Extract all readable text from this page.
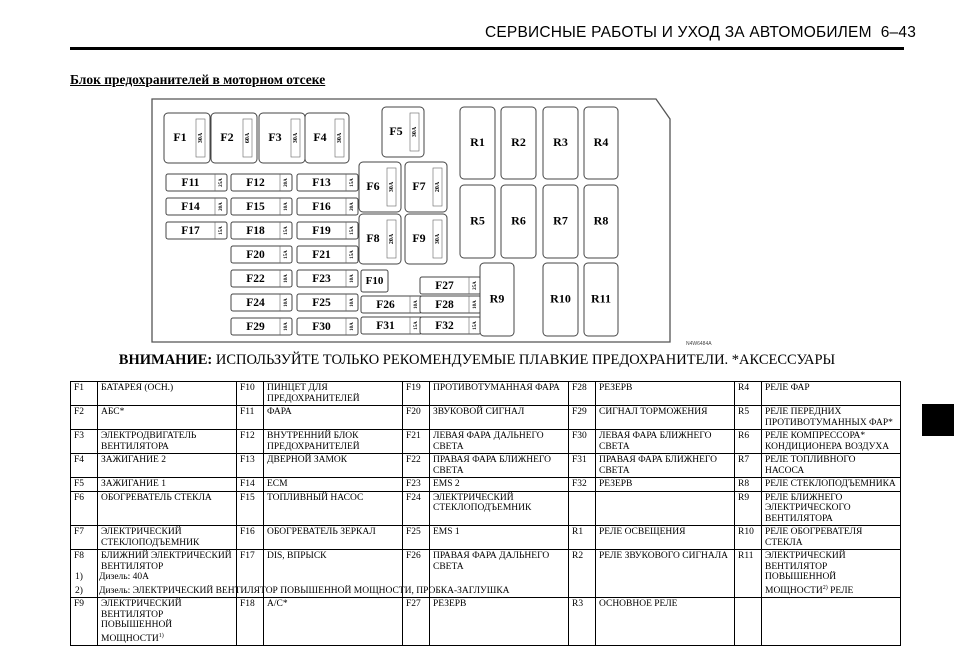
СЕРВИСНЫЕ РАБОТЫ И УХОД ЗА АВТОМОБИЛЕМ 6–43
Блок предохранителей в моторном отсеке
F1 30A F2 60A F3 30A F4 30A
F5 30A
F6 30A F7 20A
F8 20A F9 30A
F11	25A F12	20A F13	15A
F14	20A F15	10A F16	20A
F17	15A F18	15A F19	15A
F20	15A F21	15A
F22	10A F23	10A
F24	10A F25	10A F26	10A
F27	25A
F28	10A
F29	10A F30	10A F31	15A F32	15A
F10
R1 R2 R3 R4
R5 R6 R7 R8
R9	R10 R11
N4W6484A
ВНИМАНИЕ: ИСПОЛЬЗУЙТЕ ТОЛЬКО РЕКОМЕНДУЕМЫЕ ПЛАВКИЕ ПРЕДОХРАНИТЕЛИ. *АКСЕССУАРЫ
F1	БАТАРЕЯ (ОСН.)	F10	ПИНЦЕТ ДЛЯ ПРЕДОХРАНИТЕЛЕЙ	F19	ПРОТИВОТУМАННАЯ ФАРА	F28	РЕЗЕРВ	R4	РЕЛЕ ФАР
F2	АБС*	F11	ФАРА	F20	ЗВУКОВОЙ СИГНАЛ	F29	СИГНАЛ ТОРМОЖЕНИЯ	R5	РЕЛЕ ПЕРЕДНИХ ПРОТИВОТУМАННЫХ ФАР*
F3	ЭЛЕКТРОДВИГАТЕЛЬ ВЕНТИЛЯТОРА	F12	ВНУТРЕННИЙ БЛОК ПРЕДОХРАНИТЕЛЕЙ	F21	ЛЕВАЯ ФАРА ДАЛЬНЕГО СВЕТА	F30	ЛЕВАЯ ФАРА БЛИЖНЕГО СВЕТА	R6	РЕЛЕ КОМПРЕССОРА* КОНДИЦИОНЕРА ВОЗДУХА
F4	ЗАЖИГАНИЕ 2	F13	ДВЕРНОЙ ЗАМОК	F22	ПРАВАЯ ФАРА БЛИЖНЕГО СВЕТА	F31	ПРАВАЯ ФАРА БЛИЖНЕГО СВЕТА	R7	РЕЛЕ ТОПЛИВНОГО НАСОСА
F5	ЗАЖИГАНИЕ 1	F14	ECM	F23	EMS 2	F32	РЕЗЕРВ	R8	РЕЛЕ СТЕКЛОПОДЪЕМНИКА
F6	ОБОГРЕВАТЕЛЬ СТЕКЛА	F15	ТОПЛИВНЫЙ НАСОС	F24	ЭЛЕКТРИЧЕСКИЙ СТЕКЛОПОДЪЕМНИК			R9	РЕЛЕ БЛИЖНЕГО ЭЛЕКТРИЧЕСКОГО ВЕНТИЛЯТОРА
F7	ЭЛЕКТРИЧЕСКИЙ СТЕКЛОПОДЪЕМНИК	F16	ОБОГРЕВАТЕЛЬ ЗЕРКАЛ	F25	EMS 1	R1	РЕЛЕ ОСВЕЩЕНИЯ	R10	РЕЛЕ ОБОГРЕВАТЕЛЯ СТЕКЛА
F8	БЛИЖНИЙ ЭЛЕКТРИЧЕСКИЙ ВЕНТИЛЯТОР	F17	DIS, ВПРЫСК	F26	ПРАВАЯ ФАРА ДАЛЬНЕГО СВЕТА	R2	РЕЛЕ ЗВУКОВОГО СИГНАЛА	R11	ЭЛЕКТРИЧЕСКИЙ ВЕНТИЛЯТОР ПОВЫШЕННОЙ МОЩНОСТИ$^{2)}$ РЕЛЕ
F9	ЭЛЕКТРИЧЕСКИЙ ВЕНТИЛЯТОР ПОВЫШЕННОЙ МОЩНОСТИ$^{1)}$	F18	A/C*	F27	РЕЗЕРВ	R3	ОСНОВНОЕ РЕЛЕ		
1) Дизель: 40A
2) Дизель: ЭЛЕКТРИЧЕСКИЙ ВЕНТИЛЯТОР ПОВЫШЕННОЙ МОЩНОСТИ, ПРОБКА-ЗАГЛУШКА
